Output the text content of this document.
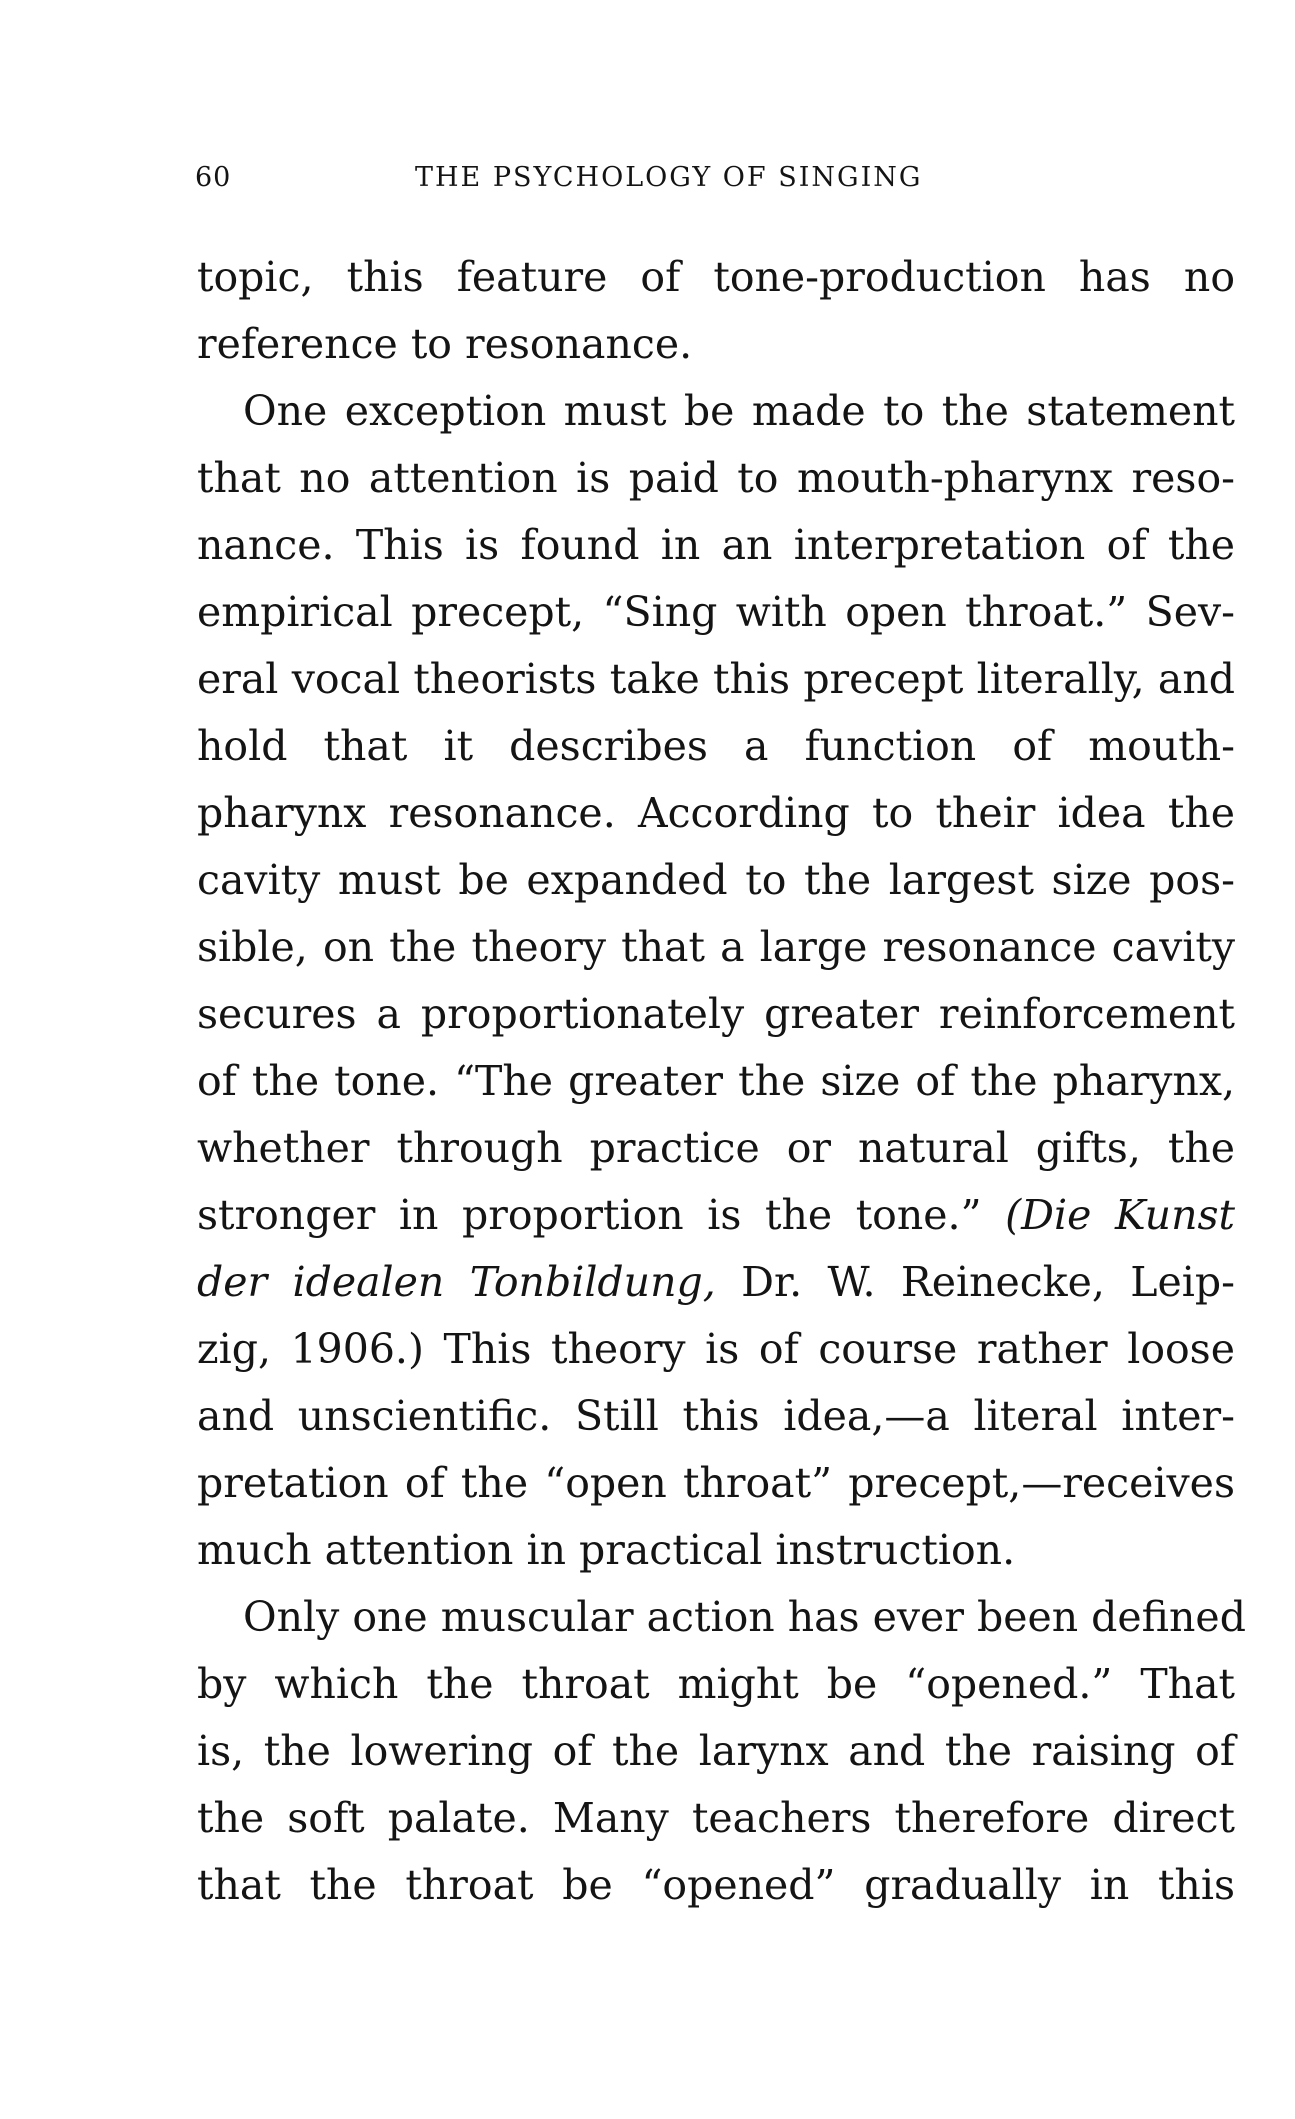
60	THE PSYCHOLOGY OF SINGING
topic, this feature of tone-production has no
reference to resonance.
One exception must be made to the statement
that no attention is paid to mouth-pharynx reso-
nance. This is found in an interpretation of the
empirical precept, “Sing with open throat.” Sev-
eral vocal theorists take this precept literally, and
hold that it describes a function of mouth-
pharynx resonance. According to their idea the
cavity must be expanded to the largest size pos-
sible, on the theory that a large resonance cavity
secures a proportionately greater reinforcement
of the tone. “The greater the size of the pharynx,
whether through practice or natural gifts, the
stronger in proportion is the tone.” (Die Kunst
der idealen Tonbildung, Dr. W. Reinecke, Leip-
zig, 1906.) This theory is of course rather loose
and unscientific. Still this idea,—a literal inter-
pretation of the “open throat” precept,—receives
much attention in practical instruction.
Only one muscular action has ever been defined
by which the throat might be “opened.” That
is, the lowering of the larynx and the raising of
the soft palate. Many teachers therefore direct
that the throat be “opened” gradually in this
